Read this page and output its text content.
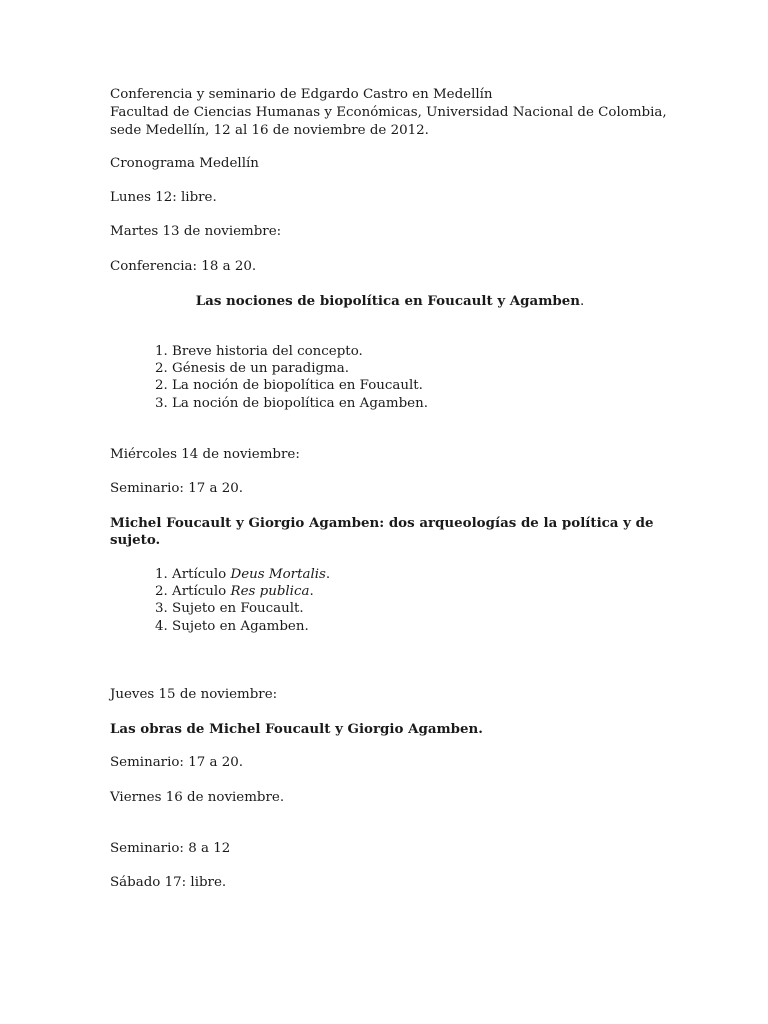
Conferencia y seminario de Edgardo Castro en Medellín
Facultad de Ciencias Humanas y Económicas, Universidad Nacional de Colombia,
sede Medellín, 12 al 16 de noviembre de 2012.
Cronograma Medellín
Lunes 12: libre.
Martes 13 de noviembre:
Conferencia: 18 a 20.
Las nociones de biopolítica en Foucault y Agamben.
1. Breve historia del concepto.
2. Génesis de un paradigma.
2. La noción de biopolítica en Foucault.
3. La noción de biopolítica en Agamben.
Miércoles 14 de noviembre:
Seminario: 17 a 20.
Michel Foucault y Giorgio Agamben: dos arqueologías de la política y de
sujeto.
1. Artículo Deus Mortalis.
2. Artículo Res publica.
3. Sujeto en Foucault.
4. Sujeto en Agamben.
Jueves 15 de noviembre:
Las obras de Michel Foucault y Giorgio Agamben.
Seminario: 17 a 20.
Viernes 16 de noviembre.
Seminario: 8 a 12
Sábado 17: libre.
